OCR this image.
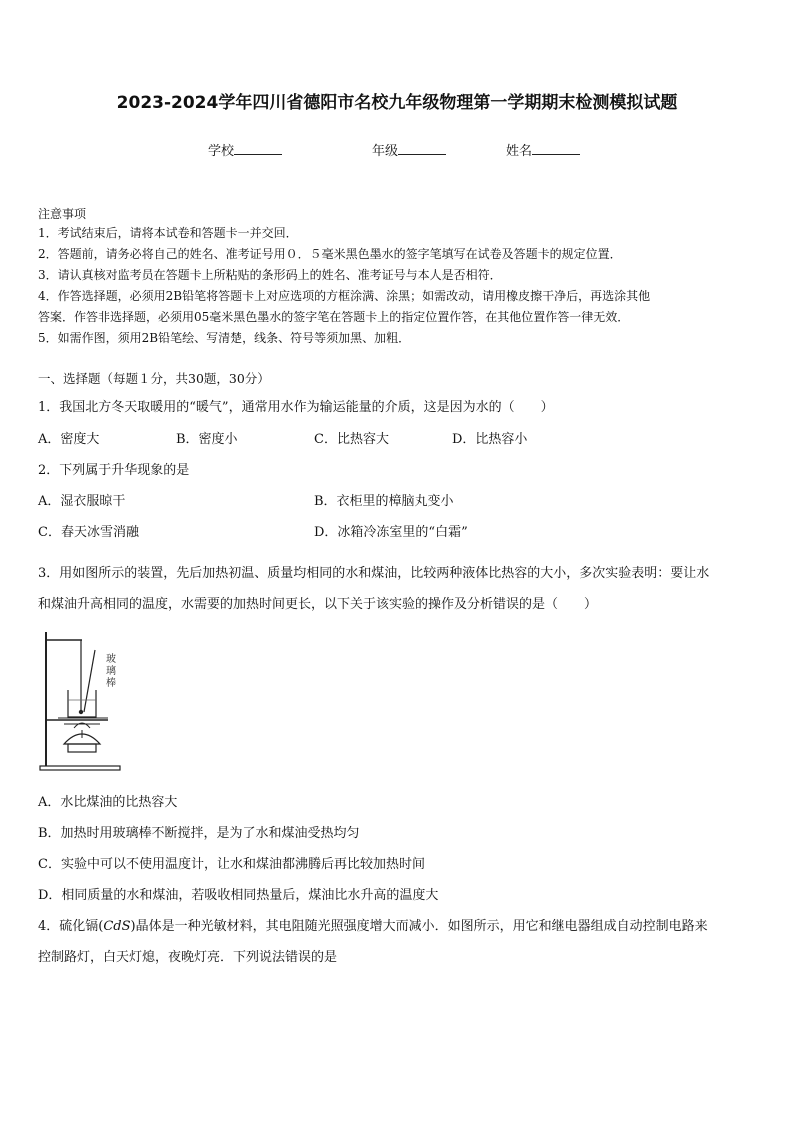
2023-2024学年四川省德阳市名校九年级物理第一学期期末检测模拟试题
学校	年级	姓名
注意事项
1．考试结束后，请将本试卷和答题卡一并交回．
2．答题前，请务必将自己的姓名、准考证号用０．５毫米黑色墨水的签字笔填写在试卷及答题卡的规定位置．
3．请认真核对监考员在答题卡上所粘贴的条形码上的姓名、准考证号与本人是否相符．
4．作答选择题，必须用2B铅笔将答题卡上对应选项的方框涂满、涂黑；如需改动，请用橡皮擦干净后，再选涂其他
答案．作答非选择题，必须用05毫米黑色墨水的签字笔在答题卡上的指定位置作答，在其他位置作答一律无效．
5．如需作图，须用2B铅笔绘、写清楚，线条、符号等须加黑、加粗．
一、选择题（每题１分，共30题，30分）
1．我国北方冬天取暖用的“暖气”，通常用水作为输运能量的介质，这是因为水的（　　）
A．密度大	B．密度小	C．比热容大	D．比热容小
2．下列属于升华现象的是
A．湿衣服晾干	B．衣柜里的樟脑丸变小
C．春天冰雪消融	D．冰箱冷冻室里的“白霜”
3．用如图所示的装置，先后加热初温、质量均相同的水和煤油，比较两种液体比热容的大小，多次实验表明：要让水
和煤油升高相同的温度，水需要的加热时间更长，以下关于该实验的操作及分析错误的是（　　）
玻
璃
棒
A．水比煤油的比热容大
B．加热时用玻璃棒不断搅拌，是为了水和煤油受热均匀
C．实验中可以不使用温度计，让水和煤油都沸腾后再比较加热时间
D．相同质量的水和煤油，若吸收相同热量后，煤油比水升高的温度大
4．硫化镉(CdS)晶体是一种光敏材料，其电阻随光照强度增大而减小．如图所示，用它和继电器组成自动控制电路来
控制路灯，白天灯熄，夜晚灯亮．下列说法错误的是
